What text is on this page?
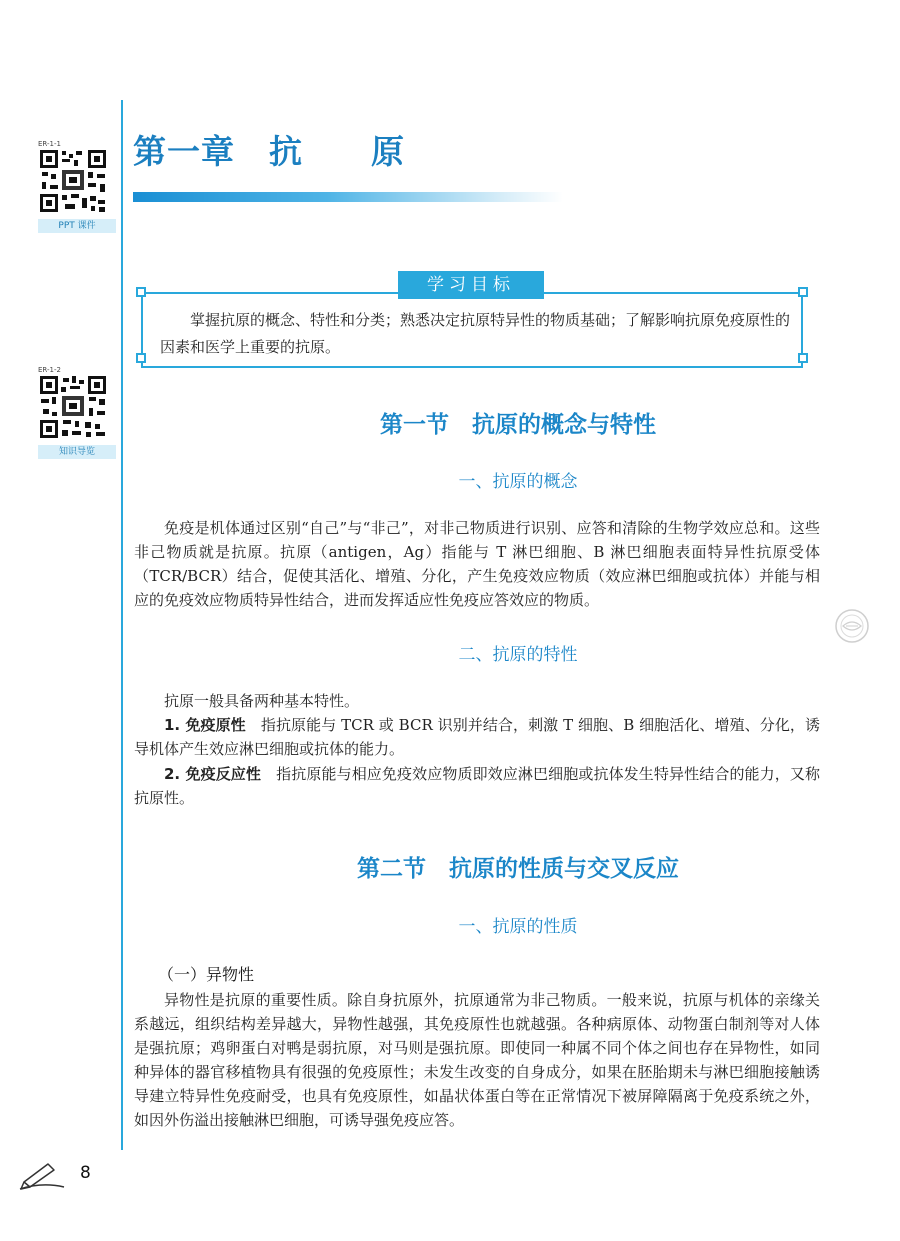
ER-1-1
PPT 课件
ER-1-2
知识导览
第一章　抗　　原
学习目标
掌握抗原的概念、特性和分类；熟悉决定抗原特异性的物质基础；了解影响抗原免疫原性的因素和医学上重要的抗原。
第一节　抗原的概念与特性
一、抗原的概念
免疫是机体通过区别“自己”与“非己”，对非己物质进行识别、应答和清除的生物学效应总和。这些非己物质就是抗原。抗原（antigen，Ag）指能与 T 淋巴细胞、B 淋巴细胞表面特异性抗原受体（TCR/BCR）结合，促使其活化、增殖、分化，产生免疫效应物质（效应淋巴细胞或抗体）并能与相应的免疫效应物质特异性结合，进而发挥适应性免疫应答效应的物质。
二、抗原的特性
抗原一般具备两种基本特性。
1. 免疫原性　指抗原能与 TCR 或 BCR 识别并结合，刺激 T 细胞、B 细胞活化、增殖、分化，诱导机体产生效应淋巴细胞或抗体的能力。
2. 免疫反应性　指抗原能与相应免疫效应物质即效应淋巴细胞或抗体发生特异性结合的能力，又称抗原性。
第二节　抗原的性质与交叉反应
一、抗原的性质
（一）异物性
异物性是抗原的重要性质。除自身抗原外，抗原通常为非己物质。一般来说，抗原与机体的亲缘关系越远，组织结构差异越大，异物性越强，其免疫原性也就越强。各种病原体、动物蛋白制剂等对人体是强抗原；鸡卵蛋白对鸭是弱抗原，对马则是强抗原。即使同一种属不同个体之间也存在异物性，如同种异体的器官移植物具有很强的免疫原性；未发生改变的自身成分，如果在胚胎期未与淋巴细胞接触诱导建立特异性免疫耐受，也具有免疫原性，如晶状体蛋白等在正常情况下被屏障隔离于免疫系统之外，如因外伤溢出接触淋巴细胞，可诱导强免疫应答。
8
